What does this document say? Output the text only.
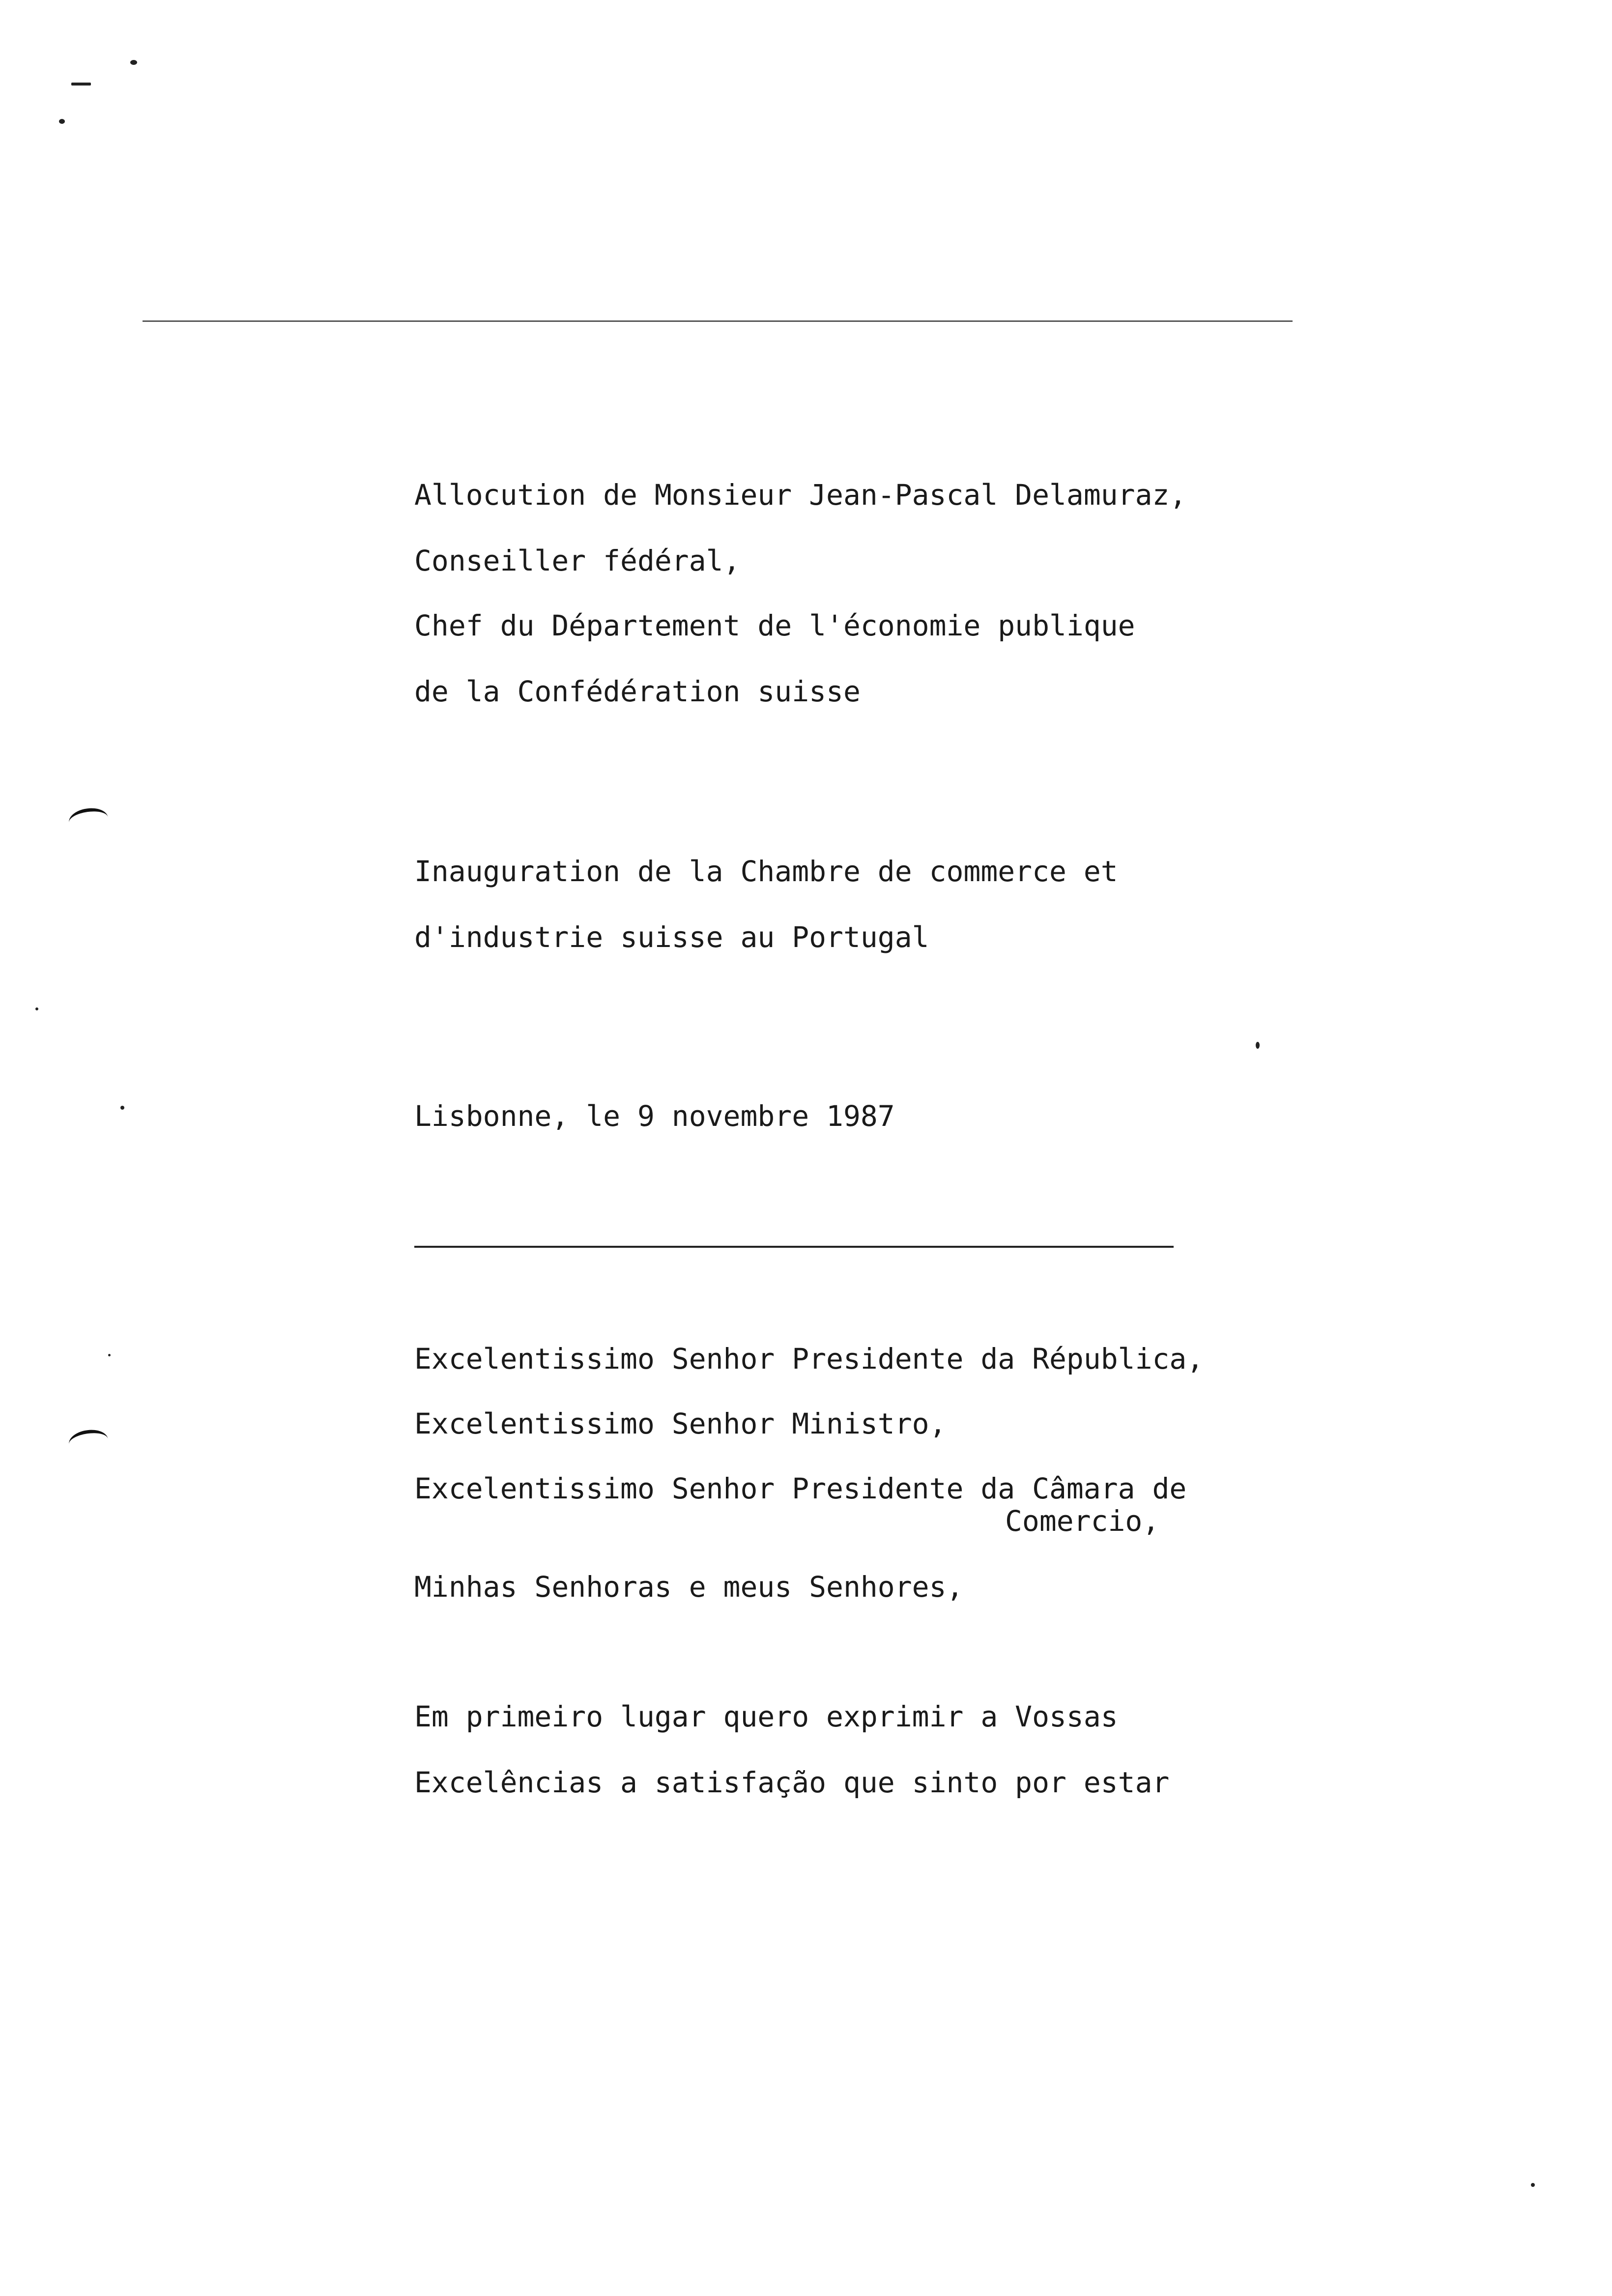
Allocution de Monsieur Jean-Pascal Delamuraz,
Conseiller fédéral,
Chef du Département de l'économie publique
de la Confédération suisse
Inauguration de la Chambre de commerce et
d'industrie suisse au Portugal
Lisbonne, le 9 novembre 1987
Excelentissimo Senhor Presidente da Républica,
Excelentissimo Senhor Ministro,
Excelentissimo Senhor Presidente da Câmara de
Comercio,
Minhas Senhoras e meus Senhores,
Em primeiro lugar quero exprimir a Vossas
Excelências a satisfação que sinto por estar
